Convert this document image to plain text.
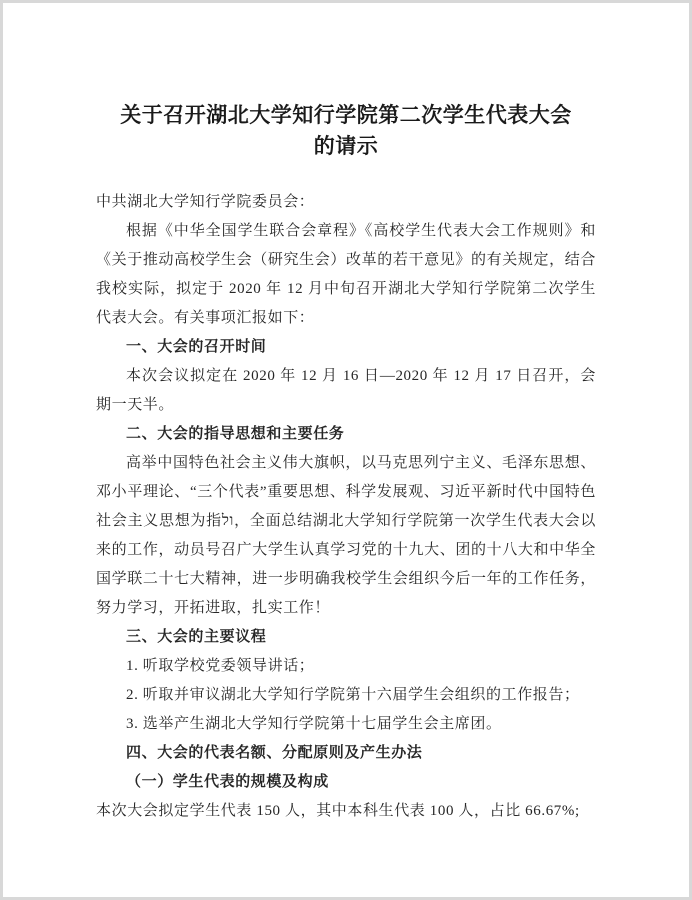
关于召开湖北大学知行学院第二次学生代表大会
的请示

中共湖北大学知行学院委员会：

根据《中华全国学生联合会章程》《高校学生代表大会工作规则》和《关于推动高校学生会（研究生会）改革的若干意见》的有关规定，结合我校实际，拟定于 2020 年 12 月中旬召开湖北大学知行学院第二次学生代表大会。有关事项汇报如下：

一、大会的召开时间

本次会议拟定在 2020 年 12 月 16 日—2020 年 12 月 17 日召开，会期一天半。

二、大会的指导思想和主要任务

高举中国特色社会主义伟大旗帜，以马克思列宁主义、毛泽东思想、邓小平理论、“三个代表”重要思想、科学发展观、习近平新时代中国特色社会主义思想为指ול，全面总结湖北大学知行学院第一次学生代表大会以来的工作，动员号召广大学生认真学习党的十九大、团的十八大和中华全国学联二十七大精神，进一步明确我校学生会组织今后一年的工作任务，努力学习，开拓进取，扎实工作！

三、大会的主要议程

1. 听取学校党委领导讲话；

2. 听取并审议湖北大学知行学院第十六届学生会组织的工作报告；

3. 选举产生湖北大学知行学院第十七届学生会主席团。

四、大会的代表名额、分配原则及产生办法

（一）学生代表的规模及构成

本次大会拟定学生代表 150 人，其中本科生代表 100 人，占比 66.67%;
